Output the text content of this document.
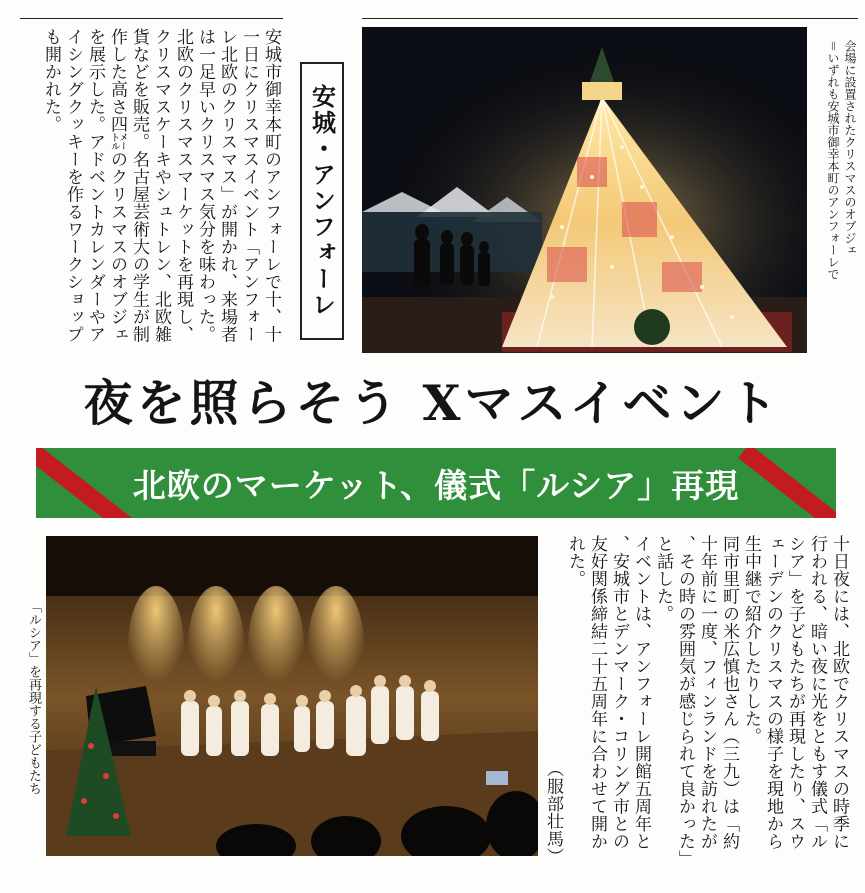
安城市御幸本町のアンフォーレで十、十一日にクリスマスイベント「アンフォーレ北欧のクリスマス」が開かれ、来場者は一足早いクリスマス気分を味わった。

北欧のクリスマスマーケットを再現し、クリスマスケーキやシュトレン、北欧雑貨などを販売。名古屋芸術大の学生が制作した高さ四㍍のクリスマスのオブジェを展示した。アドベントカレンダーやアイシングクッキーを作るワークショップも開かれた。

安城・アンフォーレ	会場に設置されたクリスマスのオブジェ

＝いずれも安城市御幸本町のアンフォーレで

夜を照らそう Xマスイベント
北欧のマーケット、儀式「ルシア」再現
「ルシア」を再現する子どもたち	十日夜には、北欧でクリスマスの時季に行われる、暗い夜に光をともす儀式「ルシア」を子どもたちが再現したり、スウェーデンのクリスマスの様子を現地から生中継で紹介したりした。

同市里町の米広慎也さん（三九）は「約十年前に一度、フィンランドを訪れたが、その時の雰囲気が感じられて良かった」と話した。

イベントは、アンフォーレ開館五周年と、安城市とデンマーク・コリング市との友好関係締結二十五周年に合わせて開かれた。

（服部壮馬）
